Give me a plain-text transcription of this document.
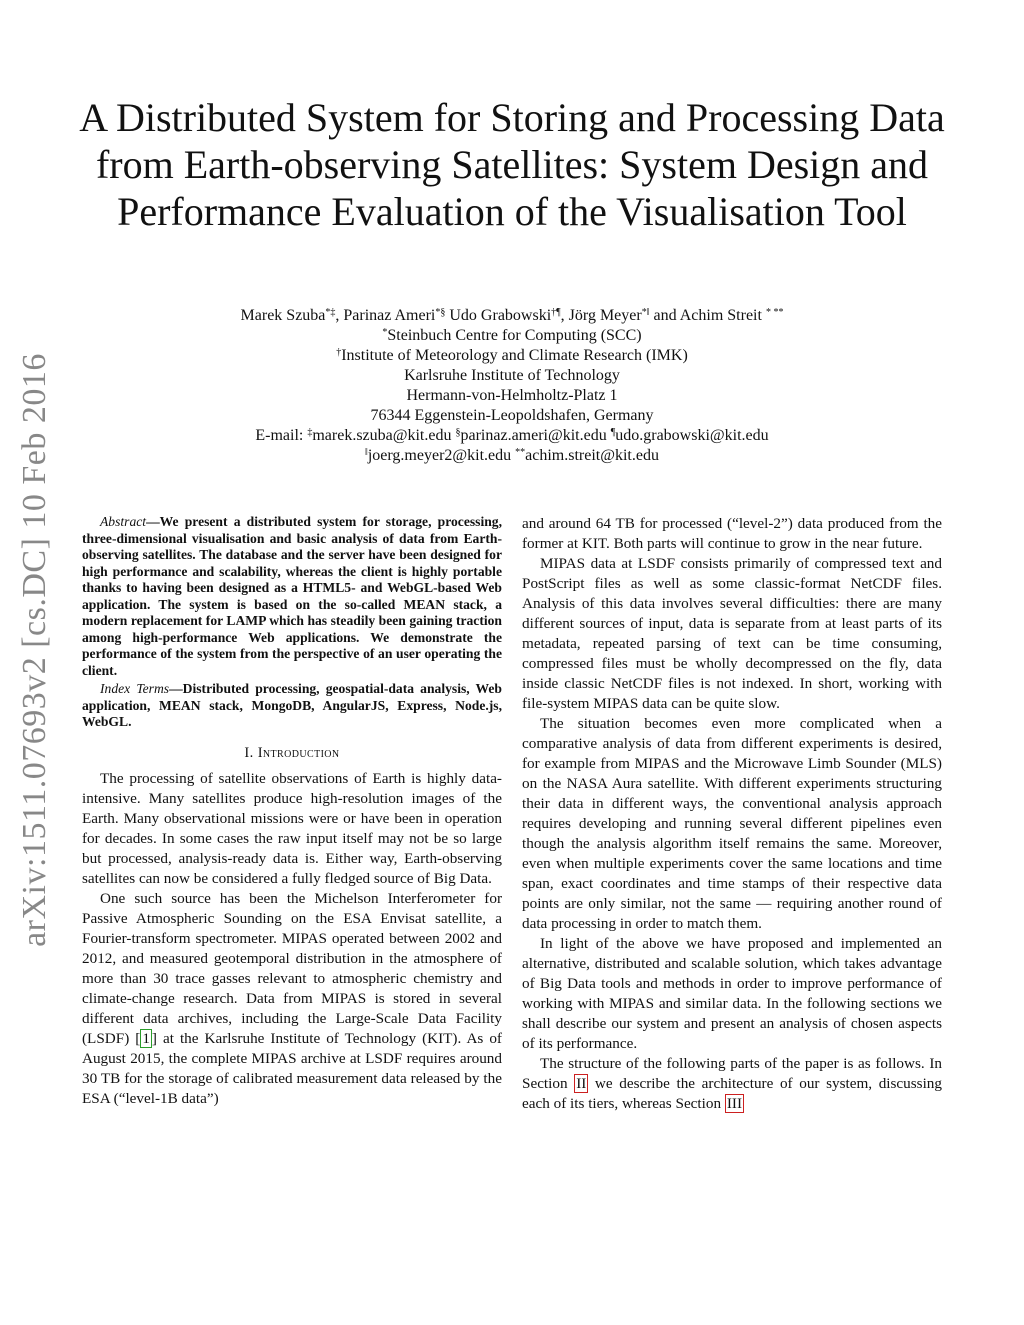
arXiv:1511.07693v2 [cs.DC] 10 Feb 2016
A Distributed System for Storing and Processing Data from Earth-observing Satellites: System Design and Performance Evaluation of the Visualisation Tool
Marek Szuba*‡, Parinaz Ameri*§ Udo Grabowski†¶, Jörg Meyer*‖ and Achim Streit * **
*Steinbuch Centre for Computing (SCC)
†Institute of Meteorology and Climate Research (IMK)
Karlsruhe Institute of Technology
Hermann-von-Helmholtz-Platz 1
76344 Eggenstein-Leopoldshafen, Germany
E-mail: ‡marek.szuba@kit.edu §parinaz.ameri@kit.edu ¶udo.grabowski@kit.edu
‖joerg.meyer2@kit.edu **achim.streit@kit.edu

Abstract—We present a distributed system for storage, processing, three-dimensional visualisation and basic analysis of data from Earth-observing satellites. The database and the server have been designed for high performance and scalability, whereas the client is highly portable thanks to having been designed as a HTML5- and WebGL-based Web application. The system is based on the so-called MEAN stack, a modern replacement for LAMP which has steadily been gaining traction among high-performance Web applications. We demonstrate the performance of the system from the perspective of an user operating the client.

Index Terms—Distributed processing, geospatial-data analysis, Web application, MEAN stack, MongoDB, AngularJS, Express, Node.js, WebGL.

I. Introduction

The processing of satellite observations of Earth is highly data-intensive. Many satellites produce high-resolution images of the Earth. Many observational missions were or have been in operation for decades. In some cases the raw input itself may not be so large but processed, analysis-ready data is. Either way, Earth-observing satellites can now be considered a fully fledged source of Big Data.

One such source has been the Michelson Interferometer for Passive Atmospheric Sounding on the ESA Envisat satellite, a Fourier-transform spectrometer. MIPAS operated between 2002 and 2012, and measured geotemporal distribution in the atmosphere of more than 30 trace gasses relevant to atmospheric chemistry and climate-change research. Data from MIPAS is stored in several different data archives, including the Large-Scale Data Facility (LSDF) [ 1 ] at the Karlsruhe Institute of Technology (KIT). As of August 2015, the complete MIPAS archive at LSDF requires around 30 TB for the storage of calibrated measurement data released by the ESA (“level-1B data”)

and around 64 TB for processed (“level-2”) data produced from the former at KIT. Both parts will continue to grow in the near future.

MIPAS data at LSDF consists primarily of compressed text and PostScript files as well as some classic-format NetCDF files. Analysis of this data involves several difficulties: there are many different sources of input, data is separate from at least parts of its metadata, repeated parsing of text can be time consuming, compressed files must be wholly decompressed on the fly, data inside classic NetCDF files is not indexed. In short, working with file-system MIPAS data can be quite slow.

The situation becomes even more complicated when a comparative analysis of data from different experiments is desired, for example from MIPAS and the Microwave Limb Sounder (MLS) on the NASA Aura satellite. With different experiments structuring their data in different ways, the conventional analysis approach requires developing and running several different pipelines even though the analysis algorithm itself remains the same. Moreover, even when multiple experiments cover the same locations and time span, exact coordinates and time stamps of their respective data points are only similar, not the same — requiring another round of data processing in order to match them.

In light of the above we have proposed and implemented an alternative, distributed and scalable solution, which takes advantage of Big Data tools and methods in order to improve performance of working with MIPAS and similar data. In the following sections we shall describe our system and present an analysis of chosen aspects of its performance.

The structure of the following parts of the paper is as follows. In Section II we describe the architecture of our system, discussing each of its tiers, whereas Section III
